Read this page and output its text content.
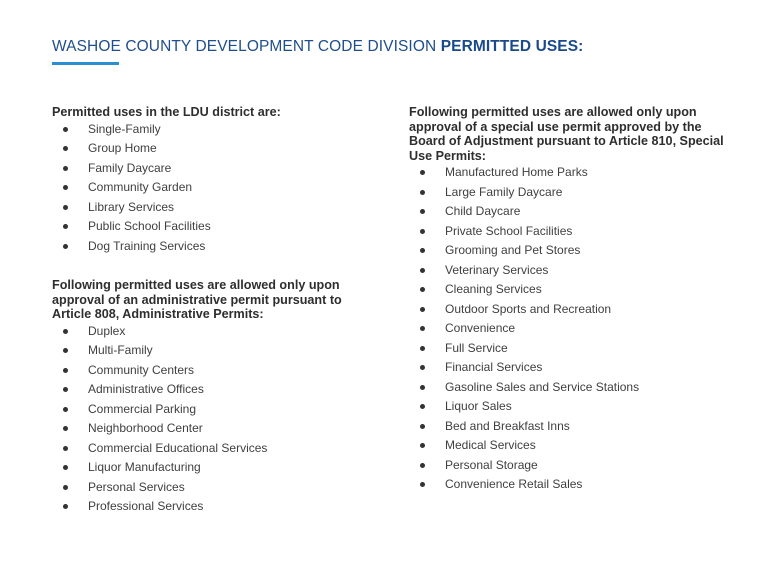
WASHOE COUNTY DEVELOPMENT CODE DIVISION PERMITTED USES:

Permitted uses in the LDU district are:

Single-Family
Group Home
Family Daycare
Community Garden
Library Services
Public School Facilities
Dog Training Services

Following permitted uses are allowed only upon approval of an administrative permit pursuant to Article 808, Administrative Permits:

Duplex
Multi-Family
Community Centers
Administrative Offices
Commercial Parking
Neighborhood Center
Commercial Educational Services
Liquor Manufacturing
Personal Services
Professional Services

Following permitted uses are allowed only upon approval of a special use permit approved by the Board of Adjustment pursuant to Article 810, Special Use Permits:

Manufactured Home Parks
Large Family Daycare
Child Daycare
Private School Facilities
Grooming and Pet Stores
Veterinary Services
Cleaning Services
Outdoor Sports and Recreation
Convenience
Full Service
Financial Services
Gasoline Sales and Service Stations
Liquor Sales
Bed and Breakfast Inns
Medical Services
Personal Storage
Convenience Retail Sales
